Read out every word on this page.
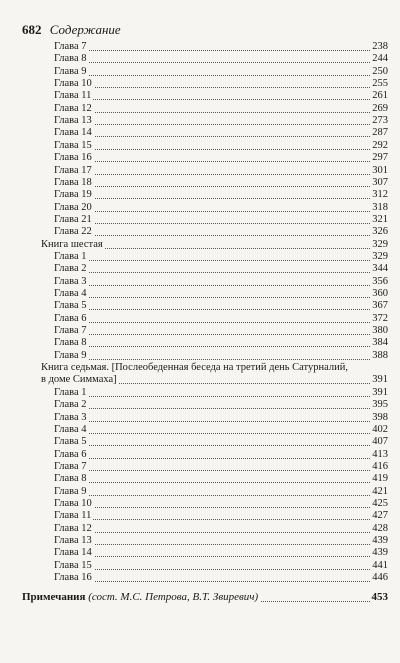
682 Содержание
Глава 7	238
Глава 8	244
Глава 9	250
Глава 10	255
Глава 11	261
Глава 12	269
Глава 13	273
Глава 14	287
Глава 15	292
Глава 16	297
Глава 17	301
Глава 18	307
Глава 19	312
Глава 20	318
Глава 21	321
Глава 22	326
Книга шестая	329
Глава 1	329
Глава 2	344
Глава 3	356
Глава 4	360
Глава 5	367
Глава 6	372
Глава 7	380
Глава 8	384
Глава 9	388
Книга седьмая. [Послеобеденная беседа на третий день Сатурналий,
в доме Симмаха]	391
Глава 1	391
Глава 2	395
Глава 3	398
Глава 4	402
Глава 5	407
Глава 6	413
Глава 7	416
Глава 8	419
Глава 9	421
Глава 10	425
Глава 11	427
Глава 12	428
Глава 13	439
Глава 14	439
Глава 15	441
Глава 16	446
Примечания (сост. М.С. Петрова, В.Т. Звиревич)	453
